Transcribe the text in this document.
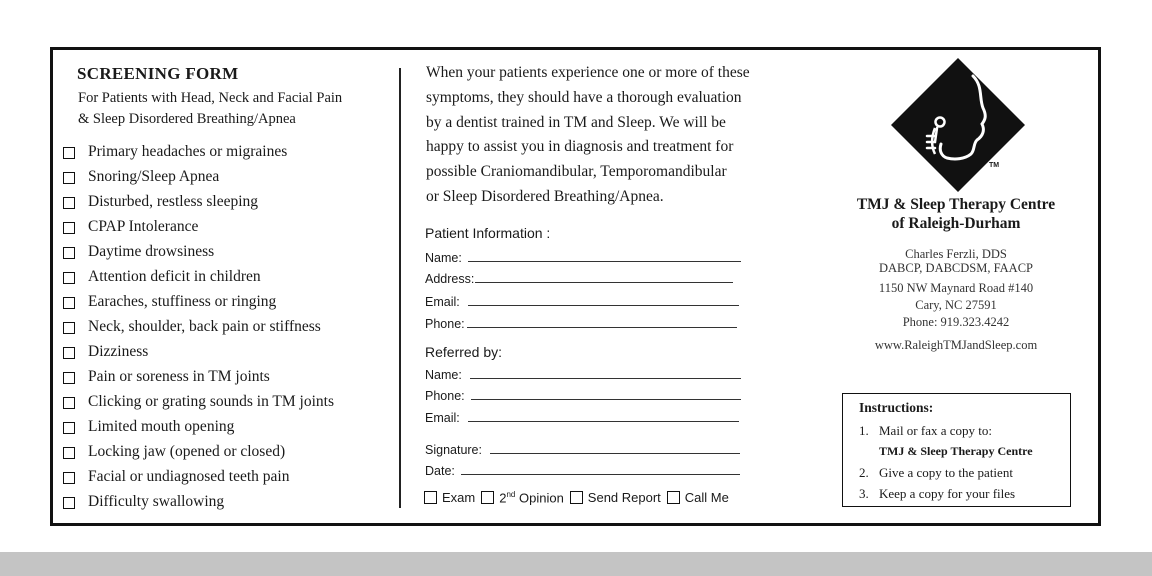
SCREENING FORM
For Patients with Head, Neck and Facial Pain
& Sleep Disordered Breathing/Apnea
Primary headaches or migraines
Snoring/Sleep Apnea
Disturbed, restless sleeping
CPAP Intolerance
Daytime drowsiness
Attention deficit in children
Earaches, stuffiness or ringing
Neck, shoulder, back pain or stiffness
Dizziness
Pain or soreness in TM joints
Clicking or grating sounds in TM joints
Limited mouth opening
Locking jaw (opened or closed)
Facial or undiagnosed teeth pain
Difficulty swallowing
When your patients experience one or more of these
symptoms, they should have a thorough evaluation
by a dentist trained in TM and Sleep. We will be
happy to assist you in diagnosis and treatment for
possible Craniomandibular, Temporomandibular
or Sleep Disordered Breathing/Apnea.
Patient Information :
Name:
Address:
Email:
Phone:
Referred by:
Name:
Phone:
Email:
Signature:
Date:
Exam 2nd Opinion Send Report Call Me
TM
TMJ & Sleep Therapy Centre
of Raleigh-Durham
Charles Ferzli, DDS
DABCP, DABCDSM, FAACP
1150 NW Maynard Road #140
Cary, NC 27591
Phone: 919.323.4242
www.RaleighTMJandSleep.com
Instructions:
1. Mail or fax a copy to:
TMJ & Sleep Therapy Centre
2. Give a copy to the patient
3. Keep a copy for your files
